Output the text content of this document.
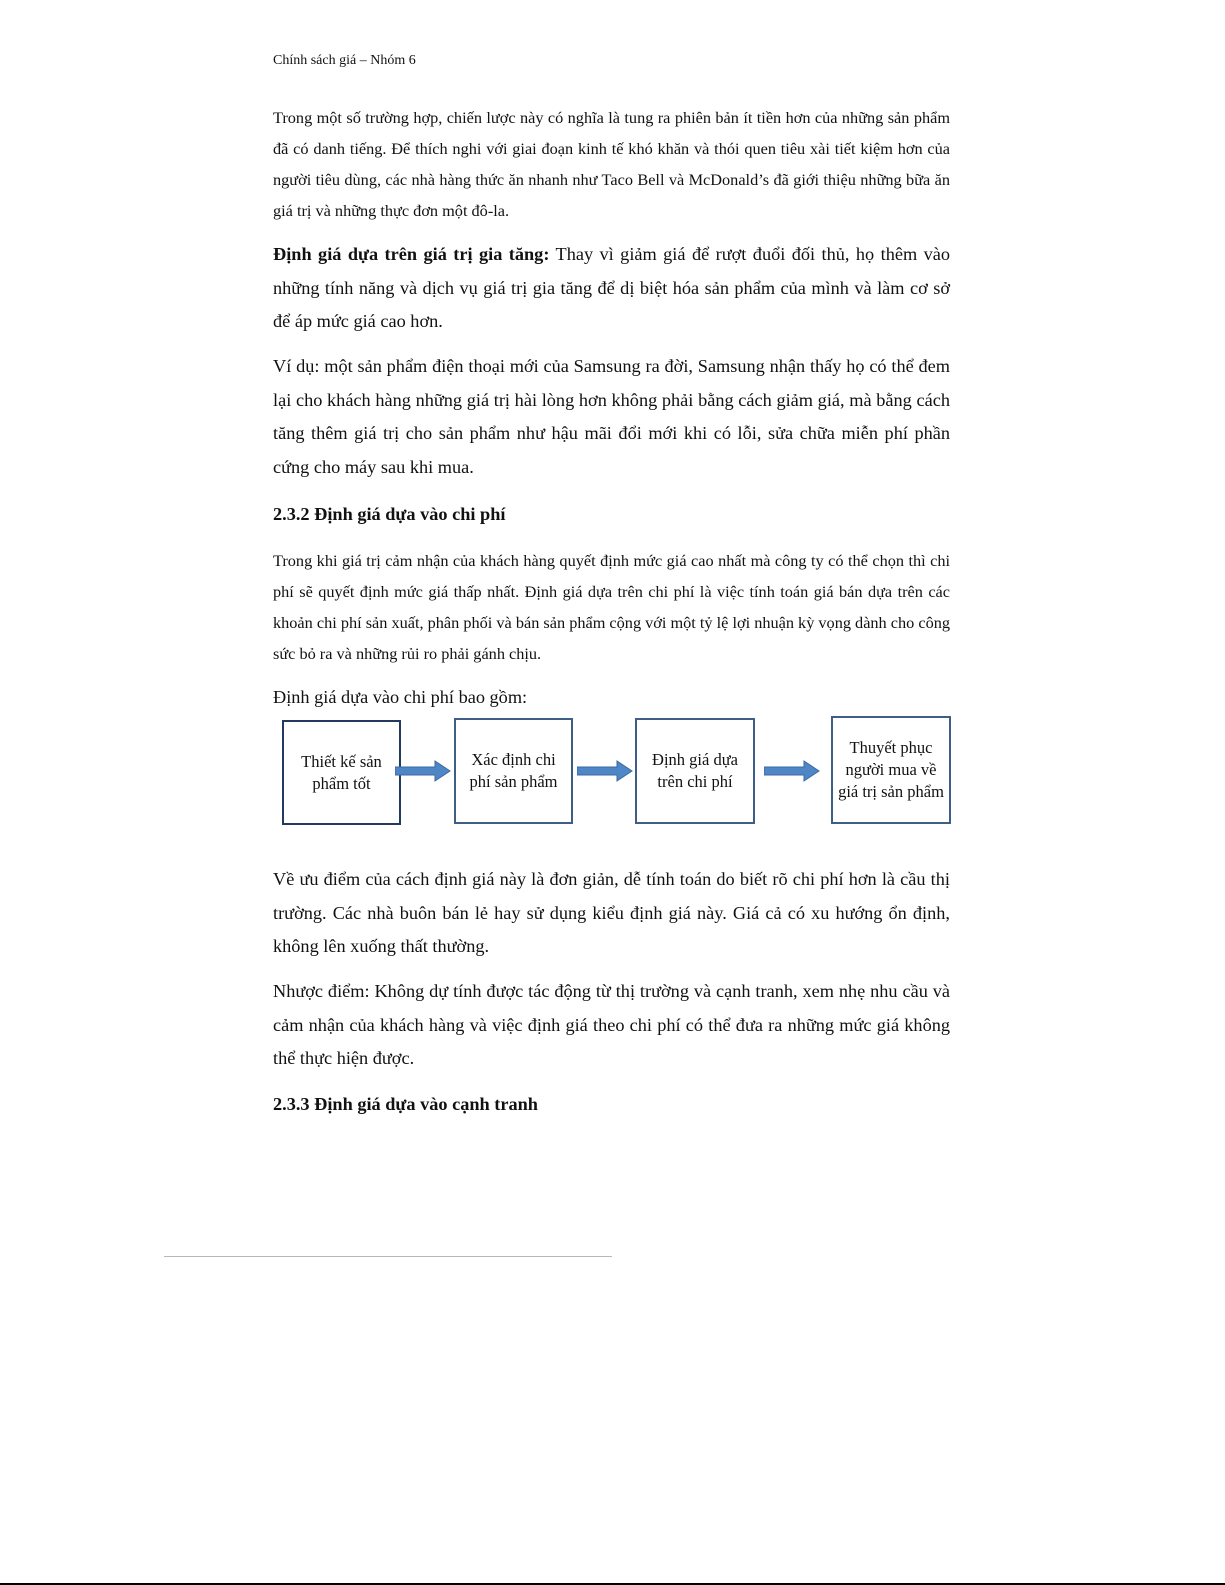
Chính sách giá – Nhóm 6

Trong một số trường hợp, chiến lược này có nghĩa là tung ra phiên bản ít tiền hơn của những sản phẩm đã có danh tiếng. Để thích nghi với giai đoạn kinh tế khó khăn và thói quen tiêu xài tiết kiệm hơn của người tiêu dùng, các nhà hàng thức ăn nhanh như Taco Bell và McDonald’s đã giới thiệu những bữa ăn giá trị và những thực đơn một đô-la.

Định giá dựa trên giá trị gia tăng: Thay vì giảm giá để rượt đuổi đối thủ, họ thêm vào những tính năng và dịch vụ giá trị gia tăng để dị biệt hóa sản phẩm của mình và làm cơ sở để áp mức giá cao hơn.

Ví dụ: một sản phẩm điện thoại mới của Samsung ra đời, Samsung nhận thấy họ có thể đem lại cho khách hàng những giá trị hài lòng hơn không phải bằng cách giảm giá, mà bằng cách tăng thêm giá trị cho sản phẩm như hậu mãi đổi mới khi có lỗi, sửa chữa miễn phí phần cứng cho máy sau khi mua.

2.3.2 Định giá dựa vào chi phí

Trong khi giá trị cảm nhận của khách hàng quyết định mức giá cao nhất mà công ty có thể chọn thì chi phí sẽ quyết định mức giá thấp nhất. Định giá dựa trên chi phí là việc tính toán giá bán dựa trên các khoản chi phí sản xuất, phân phối và bán sản phẩm cộng với một tỷ lệ lợi nhuận kỳ vọng dành cho công sức bỏ ra và những rủi ro phải gánh chịu.

Định giá dựa vào chi phí bao gồm:

Thiết kế sản phẩm tốt
Xác định chi phí sản phẩm
Định giá dựa trên chi phí
Thuyết phục người mua về giá trị sản phẩm

Về ưu điểm của cách định giá này là đơn giản, dễ tính toán do biết rõ chi phí hơn là cầu thị trường. Các nhà buôn bán lẻ hay sử dụng kiểu định giá này. Giá cả có xu hướng ổn định, không lên xuống thất thường.

Nhược điểm: Không dự tính được tác động từ thị trường và cạnh tranh, xem nhẹ nhu cầu và cảm nhận của khách hàng và việc định giá theo chi phí có thể đưa ra những mức giá không thể thực hiện được.

2.3.3 Định giá dựa vào cạnh tranh
